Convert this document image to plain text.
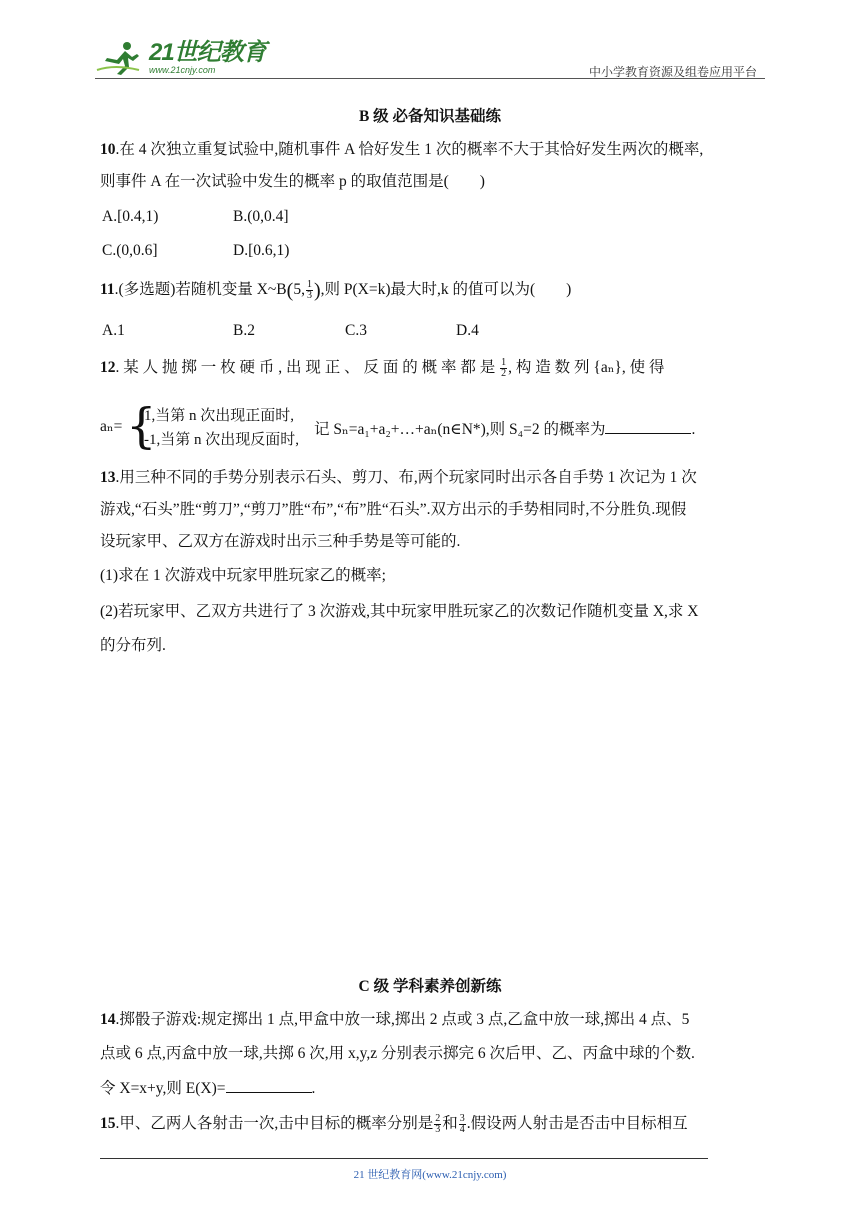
21世纪教育
www.21cnjy.com	中小学教育资源及组卷应用平台
B 级 必备知识基础练
10.在 4 次独立重复试验中,随机事件 A 恰好发生 1 次的概率不大于其恰好发生两次的概率,
则事件 A 在一次试验中发生的概率 p 的取值范围是(　　)
A.[0.4,1)	B.(0,0.4]
C.(0,0.6]	D.[0.6,1)
11.(多选题)若随机变量 X~B(5, $\frac{1}{3}$ ),则 P(X=k)最大时,k 的值可以为(　　)
A.1	B.2	C.3	D.4
12. 某 人 抛 掷 一 枚 硬 币 , 出 现 正 、 反 面 的 概 率 都 是 $\frac{1}{2}$ , 构 造 数 列 {aₙ}, 使 得
aₙ= {
1,当第 n 次出现正面时,
-1,当第 n 次出现反面时,
记 Sₙ=a₁+a₂+…+aₙ(n∈N*),则 S₄=2 的概率为	.
13.用三种不同的手势分别表示石头、剪刀、布,两个玩家同时出示各自手势 1 次记为 1 次
游戏,“石头”胜“剪刀”,“剪刀”胜“布”,“布”胜“石头”.双方出示的手势相同时,不分胜负.现假
设玩家甲、乙双方在游戏时出示三种手势是等可能的.
(1)求在 1 次游戏中玩家甲胜玩家乙的概率;
(2)若玩家甲、乙双方共进行了 3 次游戏,其中玩家甲胜玩家乙的次数记作随机变量 X,求 X
的分布列.
C 级 学科素养创新练
14.掷骰子游戏:规定掷出 1 点,甲盒中放一球,掷出 2 点或 3 点,乙盒中放一球,掷出 4 点、5
点或 6 点,丙盒中放一球,共掷 6 次,用 x,y,z 分别表示掷完 6 次后甲、乙、丙盒中球的个数.
令 X=x+y,则 E(X)=	.
15.甲、乙两人各射击一次,击中目标的概率分别是 $\frac{2}{3}$ 和 $\frac{3}{4}$ .假设两人射击是否击中目标相互
21 世纪教育网(www.21cnjy.com)
